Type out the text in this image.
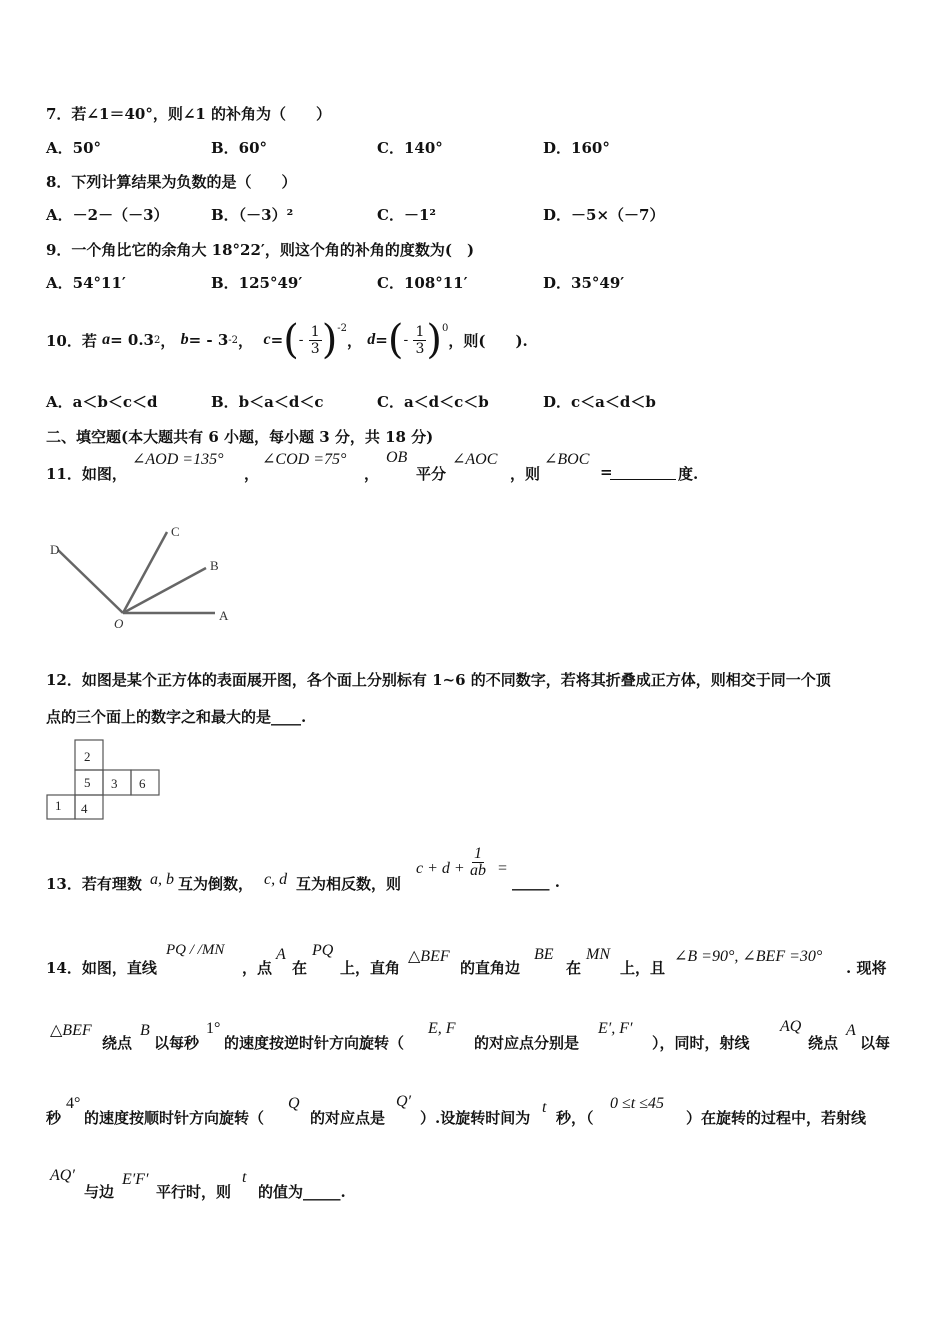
7．若∠1＝40°，则∠1 的补角为（　　）
A．50°	B．60°	C．140°	D．160°
8．下列计算结果为负数的是（　　）
A．－2－（－3）	B．（－3）²	C．－1²	D．－5×（－7）
9．一个角比它的余角大 18°22′，则这个角的补角的度数为(　)
A．54°11′	B．125°49′	C．108°11′	D．35°49′
10．若
a = 0.3 2 ， b = - 3 -2 ， c = ( -
$\frac{1}{3}$ ) -2
， d = ( -
$\frac{1}{3}$ ) 0
，则(　　).
A．a＜b＜c＜d	B．b＜a＜d＜c	C．a＜d＜c＜b	D．c＜a＜d＜b
二、填空题(本大题共有 6 小题，每小题 3 分，共 18 分)
11．如图，
∠AOD =135°
，
∠COD =75°
，
OB
平分
∠AOC
，则
∠BOC
=	度.
D
C
B
O
A
12．如图是某个正方体的表面展开图，各个面上分别标有 1~6 的不同数字，若将其折叠成正方体，则相交于同一个顶
点的三个面上的数字之和最大的是____.
2
5 3 6
1 4
13．若有理数 a, b 互为倒数， c, d 互为相反数，则
$c + d + \frac{1}{ab}$ =
_____ .
14．如图，直线
PQ / /MN
，点
A
在
PQ
上，直角
△BEF
的直角边
BE
在
MN
上，且
∠B =90°, ∠BEF =30°
. 现将
△BEF
绕点
B
以每秒
1°
的速度按逆时针方向旋转（
E, F
的对应点分别是
E′, F′
），同时，射线
AQ
绕点
A
以每
秒
4°
的速度按顺时针方向旋转（
Q
的对应点是
Q′
）.设旋转时间为
t
秒，（
0 ≤t ≤45
）在旋转的过程中，若射线
AQ′
与边
E′F′
平行时，则
t
的值为_____.
